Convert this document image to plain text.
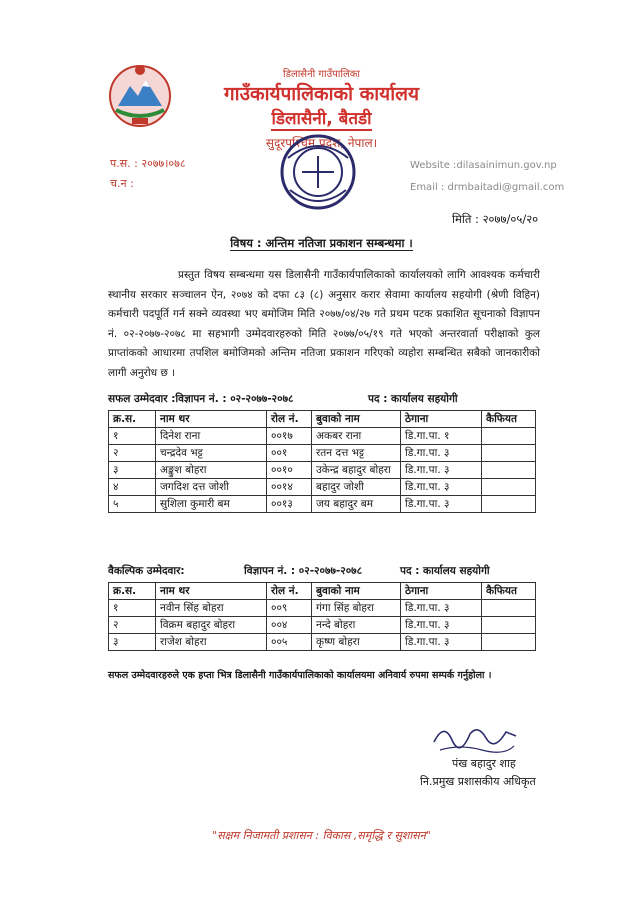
डिलासैनी गाउँपालिका
गाउँकार्यपालिकाको कार्यालय
डिलासैनी, बैतडी
सुदूरपश्चिम प्रदेश, नेपाल।
प.स. : २०७७।०७८
च.न :
Website :dilasainimun.gov.np
Email : drmbaitadi@gmail.com
मिति : २०७७/०५/२०
विषय : अन्तिम नतिजा प्रकाशन सम्बन्धमा ।
प्रस्तुत विषय सम्बन्धमा यस डिलासैनी गाउँकार्यपालिकाको कार्यालयको लागि आवश्यक कर्मचारी स्थानीय सरकार सञ्चालन ऐन, २०७४ को दफा ८३ (८) अनुसार करार सेवामा कार्यालय सहयोगी (श्रेणी विहिन) कर्मचारी पदपूर्ति गर्न सक्ने व्यवस्था भए बमोजिम मिति २०७७/०४/२७ गते प्रथम पटक प्रकाशित सूचनाको विज्ञापन नं. ०२-२०७७-२०७८ मा सहभागी उम्मेदवारहरुको मिति २०७७/०५/१९ गते भएको अन्तरवार्ता परीक्षाको कुल प्राप्तांकको आधारमा तपशिल बमोजिमको अन्तिम नतिजा प्रकाशन गरिएको व्यहोरा सम्बन्धित सबैको जानकारीको लागी अनुरोध छ ।
सफल उम्मेदवार :विज्ञापन नं. : ०२-२०७७-२०७८	पद : कार्यालय सहयोगी
क्र.स.	नाम थर	रोल नं.	बुवाको नाम	ठेगाना	कैफियत
१	दिनेश राना	००१७	अकबर राना	डि.गा.पा. १	
२	चन्द्रदेव भट्ट	००१	रतन दत्त भट्ट	डि.गा.पा. ३	
३	अङ्कुश बोहरा	००१०	उकेन्द्र बहादुर बोहरा	डि.गा.पा. ३	
४	जगदिश दत्त जोशी	००१४	बहादुर जोशी	डि.गा.पा. ३	
५	सुशिला कुमारी बम	००१३	जय बहादुर बम	डि.गा.पा. ३	
वैकल्पिक उम्मेदवार:	विज्ञापन नं. : ०२-२०७७-२०७८	पद : कार्यालय सहयोगी
क्र.स.	नाम थर	रोल नं.	बुवाको नाम	ठेगाना	कैफियत
१	नवीन सिंह बोहरा	००९	गंगा सिंह बोहरा	डि.गा.पा. ३	
२	विक्रम बहादुर बोहरा	००४	नन्दे बोहरा	डि.गा.पा. ३	
३	राजेश बोहरा	००५	कृष्ण बोहरा	डि.गा.पा. ३	
सफल उम्मेदवारहरुले एक हप्ता भित्र डिलासैनी गाउँकार्यपालिकाको कार्यालयमा अनिवार्य रुपमा सम्पर्क गर्नुहोला ।
पंख बहादुर शाह
नि.प्रमुख प्रशासकीय अधिकृत
"सक्षम निजामती प्रशासन : विकास ,समृद्धि र सुशासन"
